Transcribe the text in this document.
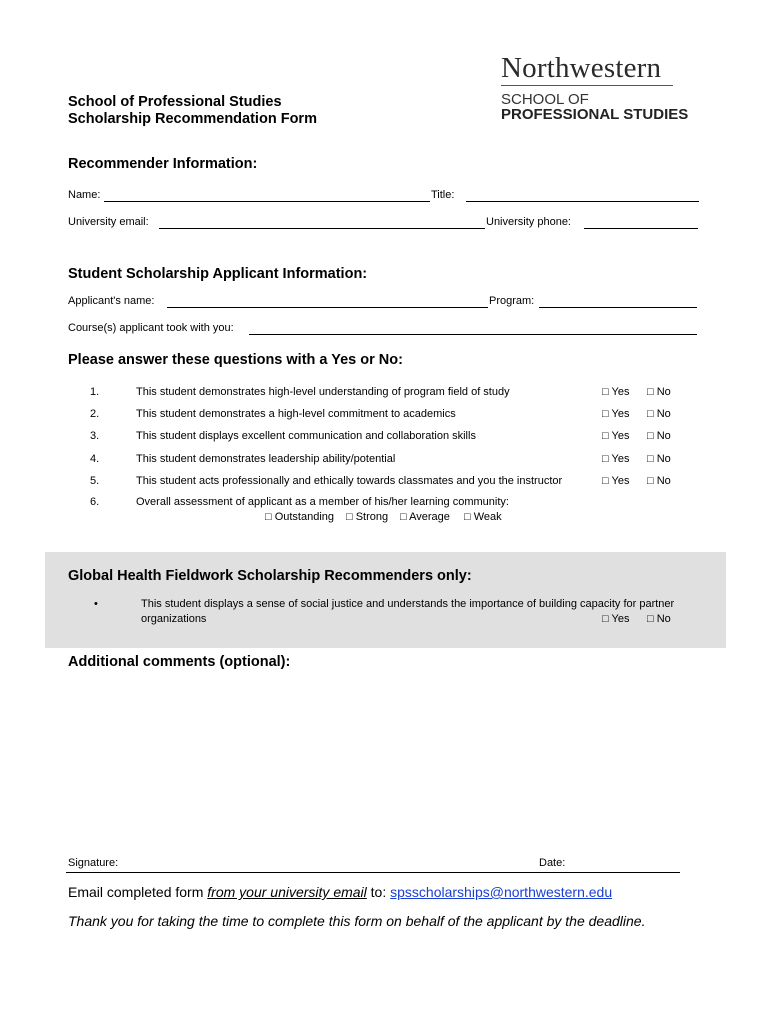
Northwestern
SCHOOL OF
PROFESSIONAL STUDIES
School of Professional Studies
Scholarship Recommendation Form
Recommender Information:
Name:	Title:
University email:	University phone:
Student Scholarship Applicant Information:
Applicant's name:	Program:
Course(s) applicant took with you:
Please answer these questions with a Yes or No:
1.	This student demonstrates high-level understanding of program field of study	□ Yes □ No
2.	This student demonstrates a high-level commitment to academics	□ Yes □ No
3.	This student displays excellent communication and collaboration skills	□ Yes □ No
4.	This student demonstrates leadership ability/potential	□ Yes □ No
5.	This student acts professionally and ethically towards classmates and you the instructor	□ Yes □ No
6.	Overall assessment of applicant as a member of his/her learning community:
□ Outstanding □ Strong □ Average □ Weak
Global Health Fieldwork Scholarship Recommenders only:
•	This student displays a sense of social justice and understands the importance of building capacity for partner
organizations	□ Yes □ No
Additional comments (optional):
Signature:	Date:
Email completed form from your university email to: spsscholarships@northwestern.edu
Thank you for taking the time to complete this form on behalf of the applicant by the deadline.
